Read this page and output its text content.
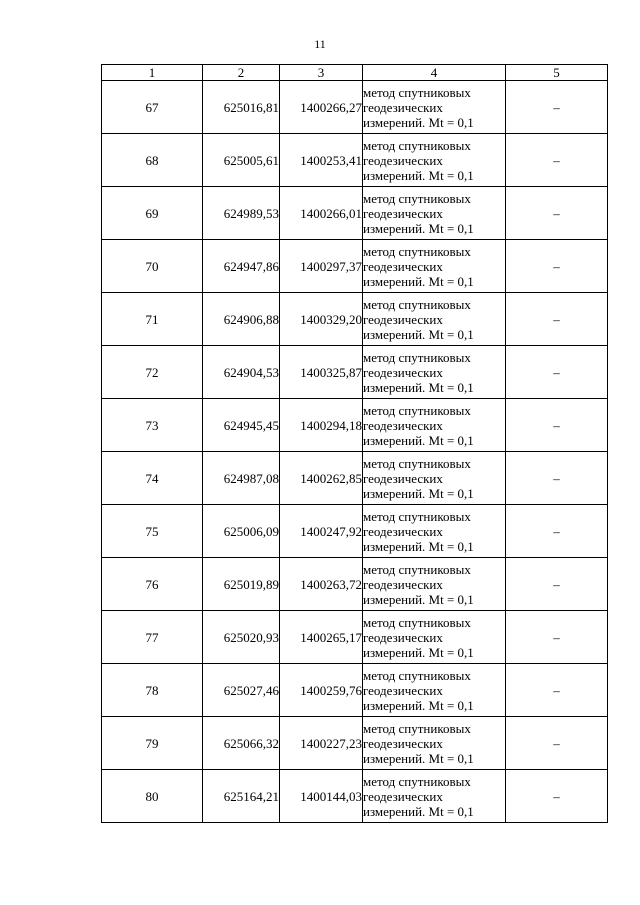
11
1	2	3	4	5
67	625016,81	1400266,27	метод спутниковых
геодезических
измерений. Mt = 0,1	–
68	625005,61	1400253,41	метод спутниковых
геодезических
измерений. Mt = 0,1	–
69	624989,53	1400266,01	метод спутниковых
геодезических
измерений. Mt = 0,1	–
70	624947,86	1400297,37	метод спутниковых
геодезических
измерений. Mt = 0,1	–
71	624906,88	1400329,20	метод спутниковых
геодезических
измерений. Mt = 0,1	–
72	624904,53	1400325,87	метод спутниковых
геодезических
измерений. Mt = 0,1	–
73	624945,45	1400294,18	метод спутниковых
геодезических
измерений. Mt = 0,1	–
74	624987,08	1400262,85	метод спутниковых
геодезических
измерений. Mt = 0,1	–
75	625006,09	1400247,92	метод спутниковых
геодезических
измерений. Mt = 0,1	–
76	625019,89	1400263,72	метод спутниковых
геодезических
измерений. Mt = 0,1	–
77	625020,93	1400265,17	метод спутниковых
геодезических
измерений. Mt = 0,1	–
78	625027,46	1400259,76	метод спутниковых
геодезических
измерений. Mt = 0,1	–
79	625066,32	1400227,23	метод спутниковых
геодезических
измерений. Mt = 0,1	–
80	625164,21	1400144,03	метод спутниковых
геодезических
измерений. Mt = 0,1	–
